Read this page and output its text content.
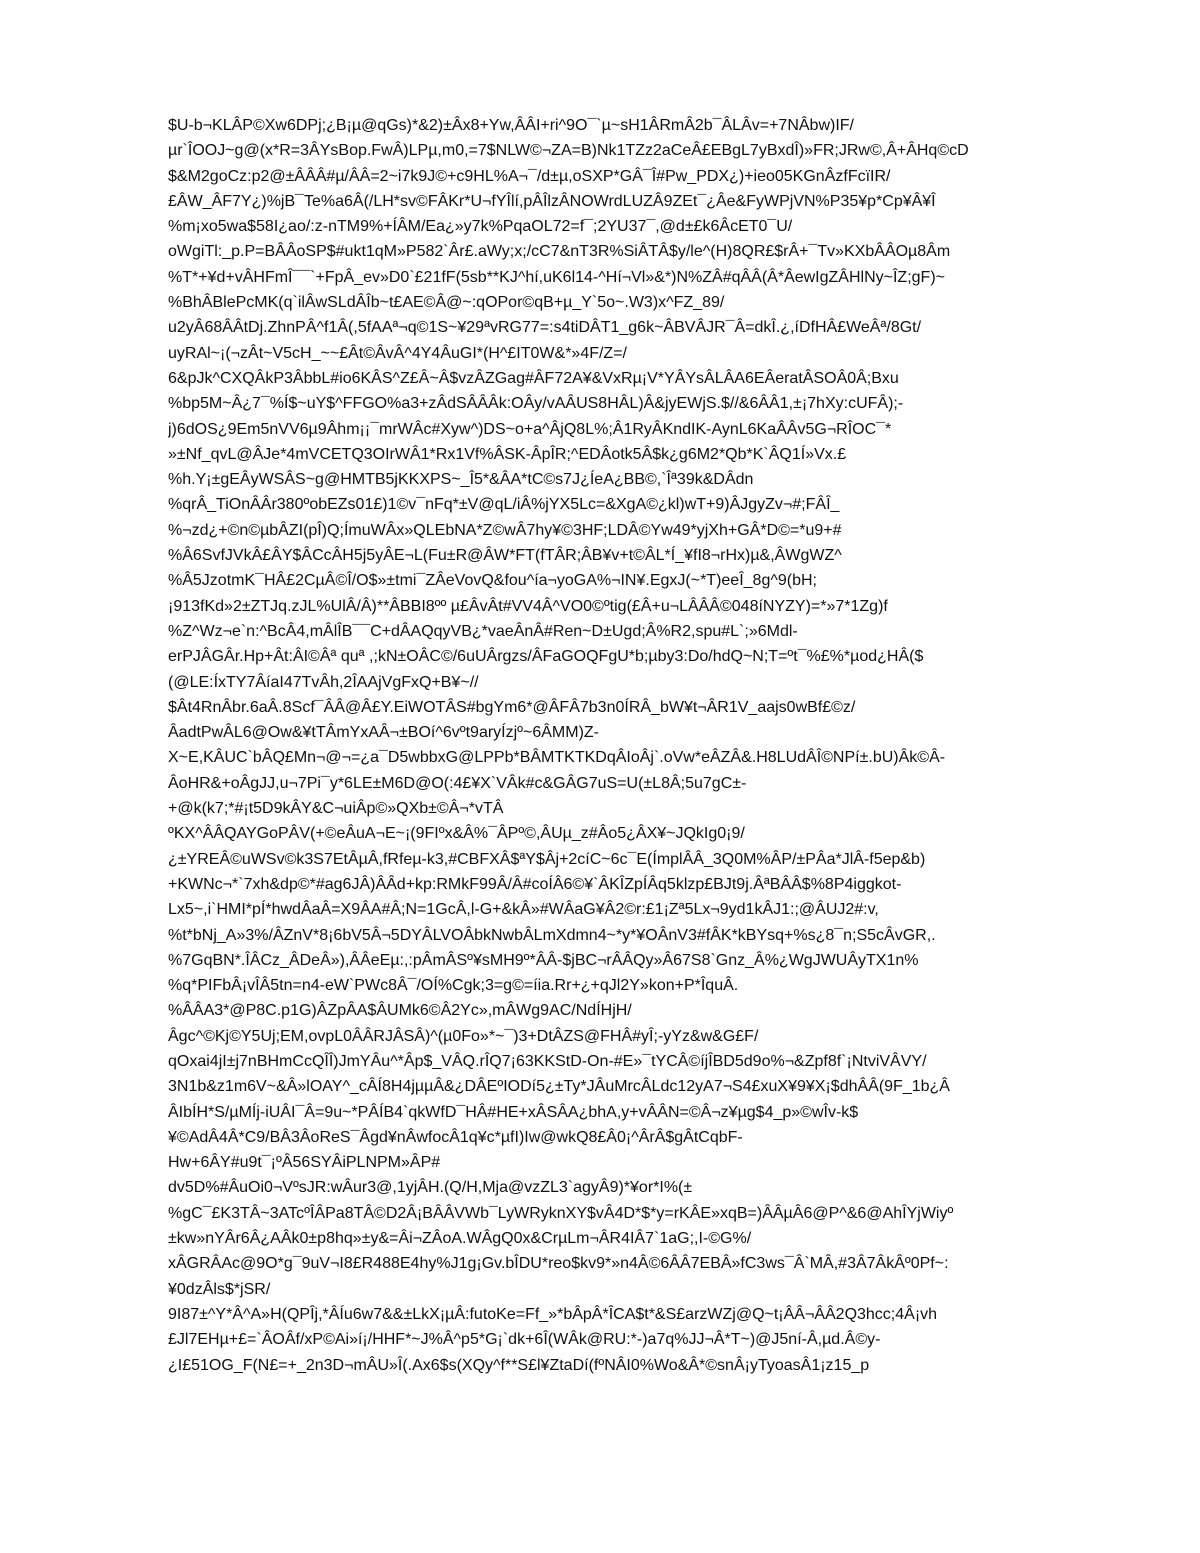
$U-b¬KLÂP©Xw6DPj;¿B¡µ@qGs)*&2)±Âx8+Yw,ÂÂI+ri^9O¯`µ~sH1ÂRmÂ2b¯ÂLÂv=+7NÂbw)IF/
µr`ÎOOJ~g@(x*R=3ÂYsBop.FwÂ)LPµ,m0,=7$NLW©¬ZA=B)Nk1TZz2aCeÂ£EBgL7yBxdÎ)»FR;JRw©,Â+ÂHq©cD
$&M2goCz:p2@±ÂÂÂ#µ/ÂÂ=2~i7k9J©+c9HL%A¬¯/d±µ,oSXP*GÂ¯Î#Pw_PDX¿)+ieo05KGnÂzfFcïIR/
£ÂW_ÂF7Y¿)%jB¯Te%a6Â(/LH*sv©FÂKr*U¬fYÎlí,pÂÎlzÂNOWrdLUZÂ9ZEt¯¿Âe&FyWPjVN%P35¥p*Cp¥Â¥Î
%m¡xo5wa$58I¿ao/:z-nTM9%+ÍÂM/Ea¿»y7k%PqaOL72=f¯;2YU37¯,@d±£k6ÂcET0¯U/
oWgiTl:_p.P=BÂÂoSP$#ukt1qM»P582`Âr£.aWy;x;/cC7&nT3R%SiÂTÂ$y/le^(H)8QR£$rÂ+¯Tv»KXbÂÂOµ8Âm
%T*+¥d+vÂHFmÎ¯¯`+FpÂ_ev»D0`£21fF(5sb**KJ^hí,uK6l14-^Hí¬Vl»&*)N%ZÂ#qÂÂ(Â*ÂewIgZÂHlNy~ÎZ;gF)~
%BhÂBlePcMK(q`ilÂwSLdÂÎb~t£AE©Â@~:qOPor©qB+µ_Y`5o~.W3)x^FZ_89/
u2yÂ68ÂÂtDj.ZhnPÂ^f1Â(,5fAAª¬q©1S~¥29ªvRG77=:s4tiDÂT1_g6k~ÂBVÂJR¯Â=dkÎ.¿,íDfHÂ£WeÂª/8Gt/
uyRAl~¡(¬zÂt~V5cH_~~£Ât©ÂvÂ^4Y4ÂuGI*(H^£IT0W&*»4F/Z=/
6&pJk^CXQÂkP3ÂbbL#io6KÂS^Z£Â~Â$vzÂZGag#ÂF72A¥&VxRµ¡V*YÂYsÂLÂA6EÂeratÂSOÂ0Â;Bxu
%bp5M~Â¿7¯%Í$~uY$^FFGO%a3+zÂdSÂÂÂk:OÂy/vAÂUS8HÂL)Â&jyEWjS.$//&6ÂÂ1,±¡7hXy:cUFÂ);-
j)6dOS¿9Em5nVV6µ9Âhm¡¡¯mrWÂc#Xyw^)DS~o+a^ÂjQ8L%;Â1RyÂKndIK-AynL6KaÂÂv5G¬RÎOC¯*
»±Nf_qvL@ÂJe*4mVCETQ3OIrWÂ1*Rx1Vf%ÂSK-ÂpÎR;^EDÂotk5Â$k¿g6M2*Qb*K`ÂQ1Í»Vx.£
%h.Y¡±gEÂyWSÂS~g@HMTB5jKKXPS~_Î5*&ÂA*tC©s7J¿ÍeA¿BB©,`Îª39k&DÂdn
%qrÂ_TiOnÂÂr380ºobEZs01£)1©v¯nFq*±V@qL/iÂ%jYX5Lc=&XgA©¿kl)wT+9)ÂJgyZv¬#;FÂÎ_
%¬zd¿+©n©µbÂZI(pÎ)Q;ÍmuWÂx»QLEbNA*Z©wÂ7hy¥©3HF;LDÂ©Yw49*yjXh+GÂ*D©=*u9+#
%Â6SvfJVkÂ£ÂY$ÂCcÂH5j5yÂE¬L(Fu±R@ÂW*FT(fTÂR;ÂB¥v+t©ÂL*Í_¥fI8¬rHx)µ&,ÂWgWZ^
%Â5JzotmK¯HÂ£2CµÂ©Î/O$»±tmi¯ZÂeVovQ&fou^ía¬yoGA%¬IN¥.EgxJ(~*T)eeÎ_8g^9(bH;
¡913fKd»2±ZTJq.zJL%UlÂ/Â)**ÂBBI8ºº µ£ÂvÂt#VV4Â^VO0©ºtig(£Â+u¬LÂÂÂ©048íNYZY)=*»7*1Zg)f
%Z^Wz¬e`n:^BcÂ4,mÂlÎB¯¯C+dÂAQqyVB¿*vaeÂnÂ#Ren~D±Ugd;Â%R2,spu#L`;»6Mdl-
erPJÂGÂr.Hp+Ât:ÂI©Âª quª ,;kN±OÂC©/6uUÂrgzs/ÂFaGOQFgU*b;µby3:Do/hdQ~N;T=ºt¯%£%*µod¿HÂ($
(@LE:ÍxTY7ÂíaI47TvÂh,2ÎAAjVgFxQ+B¥~//
$Ât4RnÂbr.6aÂ.8Scf¯ÂÂ@Â£Y.EiWOTÂS#bgYm6*@ÂFÂ7b3n0ÍRÂ_bW¥t¬ÂR1V_aajs0wBf£©z/
ÂadtPwÂL6@Ow&¥tTÂmYxAÂ¬±BOí^6vºt9aryÍzjº~6ÂMM)Z-
X~E,KÂUC`bÂQ£Mn¬@¬=¿a¯D5wbbxG@LPPb*BÂMTKTKDqÂIoÂj`.oVw*eÂZÂ&.H8LUdÂÎ©NPí±.bU)Âk©Â-
ÂoHR&+oÂgJJ,u¬7Pi¯y*6LE±M6D@O(:4£¥X`VÂk#c&GÂG7uS=U(±L8Â;5u7gC±-
+@k(k7;*#¡t5D9kÂY&C¬uiÂp©»QXb±©Â¬*vTÂ
ºKX^ÂÂQAYGoPÂV(+©eÂuA¬E~¡(9FIºx&Â%¯ÂPº©,ÂUµ_z#Âo5¿ÂX¥~JQkIg0¡9/
¿±YREÂ©uWSv©k3S7EtÂµÂ,fRfeµ-k3,#CBFXÂ$ªY$Âj+2cíC~6c¯E(ÍmplÂÂ_3Q0M%ÂP/±PÂa*JlÂ-f5ep&b)
+KWNc¬*`7xh&dp©*#ag6JÂ)ÂÂd+kp:RMkF99Â/Â#coÍÂ6©¥`ÂKÎZpÍÂq5klzp£BJt9j.ÂªBÂÂ$%8P4iggkot-
Lx5~,i`HMI*pÍ*hwdÂaÂ=X9ÂA#Â;N=1GcÂ,l-G+&kÂ»#WÂaG¥Â2©r:£1¡Zª5Lx¬9yd1kÂJ1:;@ÂUJ2#:v,
%t*bNj_A»3%/ÂZnV*8¡6bV5Â¬5DYÂLVOÂbkNwbÂLmXdmn4~*y*¥OÂnV3#fÂK*kBYsq+%s¿8¯n;S5cÂvGR,.
%7GqBN*.ÎÂCz_ÂDeÂ»),ÂÂeEµ:,:pÂmÂSº¥sMH9º*ÂÂ-$jBC¬rÂÂQy»Â67S8`Gnz_Â%¿WgJWUÂyTX1n%
%q*PIFbÂ¡vÎÂ5tn=n4-eW`PWc8Â¯/OÍ%Cgk;3=g©=íia.Rr+¿+qJl2Y»kon+P*ÎquÂ.
%ÂÂA3*@P8C.p1G)ÂZpÂA$ÂUMk6©Â2Yc»,mÂWg9AC/NdÍHjH/
Âgc^©Kj©Y5Uj;EM,ovpL0ÂÂRJÂSÂ)^(µ0Fo»*~¯)3+DtÂZS@FHÂ#yÎ;-yYz&w&G£F/
qOxai4jI±j7nBHmCcQÎÎ)JmYÂu^*Âp$_VÂQ.rÎQ7¡63KKStD-On-#E»¯tYCÂ©íjÎBD5d9o%¬&Zpf8f`¡NtviVÂVY/
3N1b&z1m6V~&Â»lOAY^_cÂÍ8H4jµµÂ&¿DÂEºIODí5¿±Ty*JÂuMrcÂLdc12yA7¬S4£xuX¥9¥X¡$dhÂÂ(9F_1b¿Â
ÂIbÍH*S/µMÍj-iUÂI¯Â=9u~*PÂÍB4`qkWfD¯HÂ#HE+xÂSÂA¿bhA,y+vÂÂN=©Â¬z¥µg$4_p»©wÎv-k$
¥©AdÂ4Â*C9/BÂ3ÂoReS¯Âgd¥nÂwfocÂ1q¥c*µfI)Iw@wkQ8£Â0¡^ÂrÂ$gÂtCqbF-
Hw+6ÂY#u9t¯¡ºÂ56SYÂiPLNPM»ÂP#
dv5D%#ÂuOi0¬VºsJR:wÂur3@,1yjÂH.(Q/H,Mja@vzZL3`agyÂ9)*¥or*I%(±
%gC¯£K3TÂ~3ATcºÎÂPa8TÂ©D2Â¡BÂÂVWb¯LyWRyknXY$vÂ4D*$*y=rKÂE»xqB=)ÂÂµÂ6@P^&6@AhÎYjWiyº
±kw»nYÂr6Â¿AÂk0±p8hq»±y&=Âi¬ZÂoA.WÂgQ0x&CrµLm¬ÂR4IÂ7`1aG;,I-©G%/
xÂGRÂAc@9O*g¯9uV¬I8£R488E4hy%J1g¡Gv.bÎDU*reo$kv9*»n4Â©6ÂÂ7EBÂ»fC3ws¯Â`MÂ,#3Â7ÂkÂº0Pf~:
¥0dzÂls$*jSR/
9I87±^Y*Â^A»H(QPÎj,*ÂÍu6w7&&±LkX¡µÂ:futoKe=Ff_»*bÂpÂ*ÎCA$t*&S£arzWZj@Q~t¡ÂÂ¬ÂÂ2Q3hcc;4Â¡vh
£Jl7EHµ+£=`ÂOÂf/xP©Ai»í¡/HHF*~J%Â^p5*G¡`dk+6Î(WÂk@RU:*-)a7q%JJ¬Â*T~)@J5ní-Â,µd.Â©y-
¿I£51OG_F(N£=+_2n3D¬mÂU»Î(.Ax6$s(XQy^f**S£l¥ZtaDí(fºNÂI0%Wo&Â*©snÂ¡yTyoasÂ1¡z15_p
